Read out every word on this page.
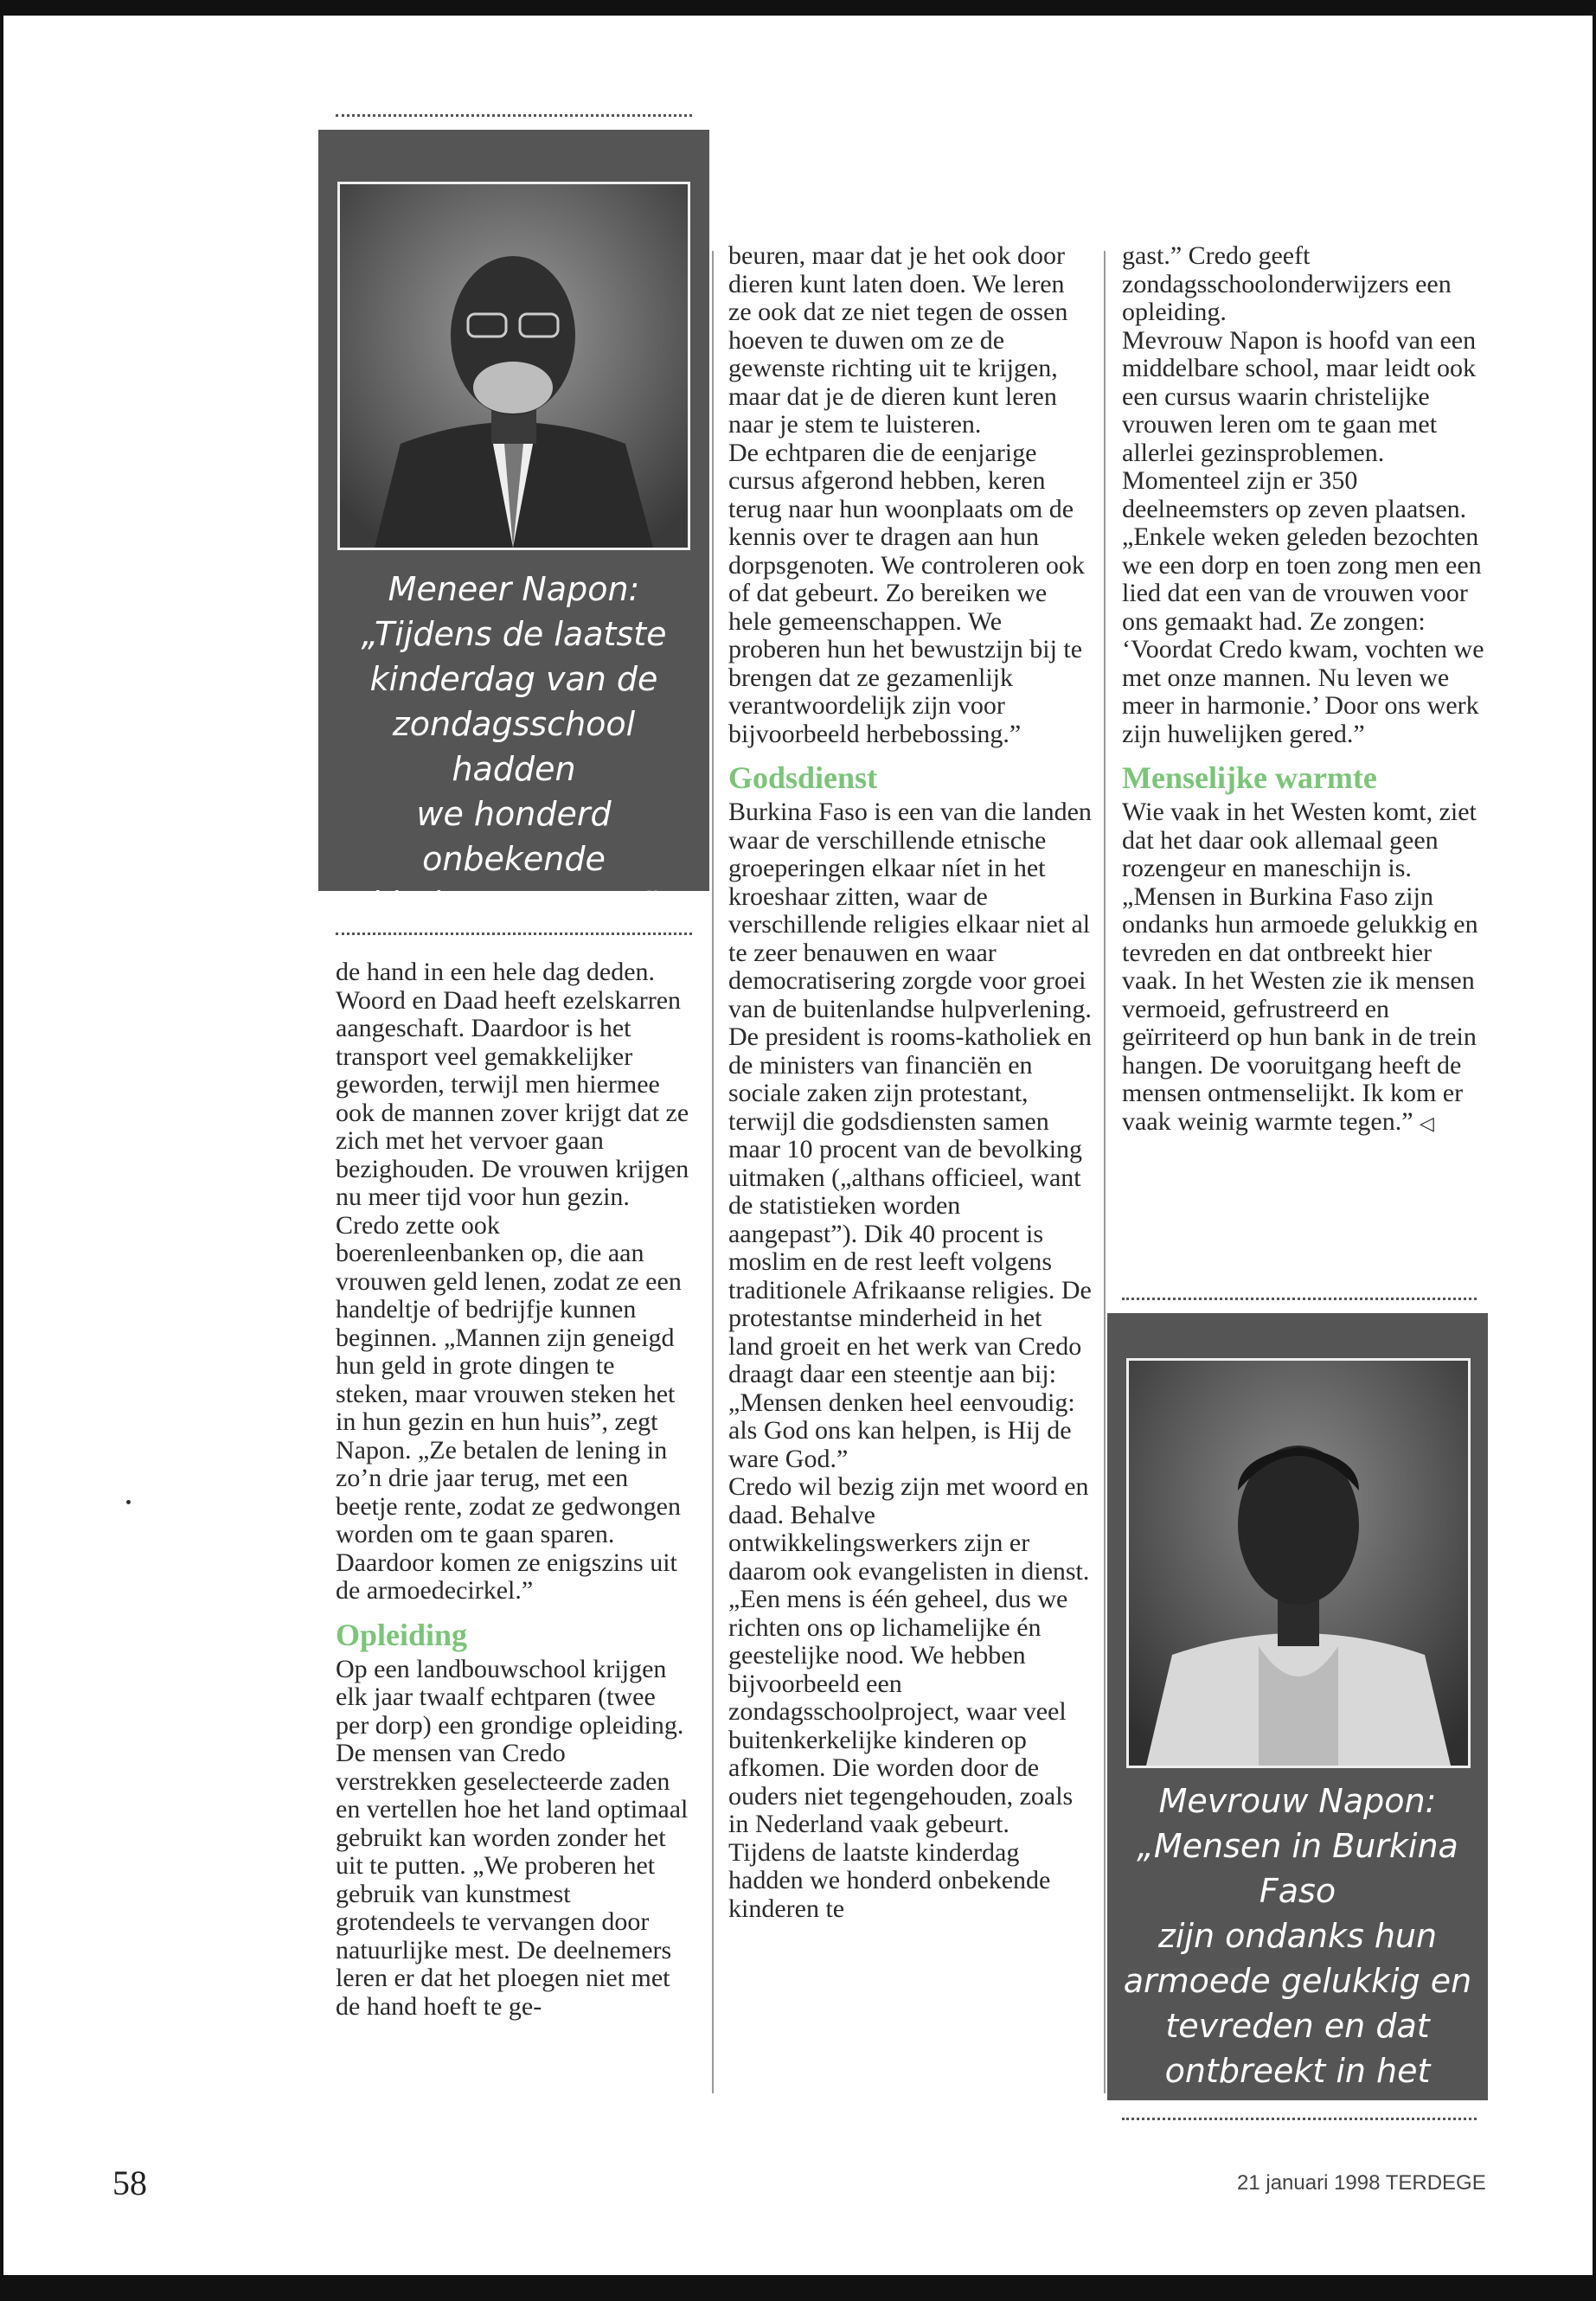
Meneer Napon:
„Tijdens de laatste
kinderdag van de
zondagsschool hadden
we honderd onbekende
kinderen te gast”

de hand in een hele dag deden. Woord en Daad heeft ezelskarren aangeschaft. Daardoor is het transport veel gemakkelijker geworden, terwijl men hiermee ook de mannen zover krijgt dat ze zich met het vervoer gaan bezighouden. De vrouwen krijgen nu meer tijd voor hun gezin.

Credo zette ook boerenleenbanken op, die aan vrouwen geld lenen, zodat ze een handeltje of bedrijfje kunnen beginnen. „Mannen zijn geneigd hun geld in grote dingen te steken, maar vrouwen steken het in hun gezin en hun huis”, zegt Napon. „Ze betalen de lening in zo’n drie jaar terug, met een beetje rente, zodat ze gedwongen worden om te gaan sparen. Daardoor komen ze enigszins uit de armoedecirkel.”

Opleiding

Op een landbouwschool krijgen elk jaar twaalf echtparen (twee per dorp) een grondige opleiding. De mensen van Credo verstrekken geselecteerde zaden en vertellen hoe het land optimaal gebruikt kan worden zonder het uit te putten. „We proberen het gebruik van kunstmest grotendeels te vervangen door natuurlijke mest. De deelnemers leren er dat het ploegen niet met de hand hoeft te ge-

beuren, maar dat je het ook door dieren kunt laten doen. We leren ze ook dat ze niet tegen de ossen hoeven te duwen om ze de gewenste richting uit te krijgen, maar dat je de dieren kunt leren naar je stem te luisteren.

De echtparen die de eenjarige cursus afgerond hebben, keren terug naar hun woonplaats om de kennis over te dragen aan hun dorpsgenoten. We controleren ook of dat gebeurt. Zo bereiken we hele gemeenschappen. We proberen hun het bewustzijn bij te brengen dat ze gezamenlijk verantwoordelijk zijn voor bijvoorbeeld herbebossing.”

Godsdienst

Burkina Faso is een van die landen waar de verschillende etnische groeperingen elkaar níet in het kroeshaar zitten, waar de verschillende religies elkaar niet al te zeer benauwen en waar democratisering zorgde voor groei van de buitenlandse hulpverlening. De president is rooms-katholiek en de ministers van financiën en sociale zaken zijn protestant, terwijl die godsdiensten samen maar 10 procent van de bevolking uitmaken („althans officieel, want de statistieken worden aangepast”). Dik 40 procent is moslim en de rest leeft volgens traditionele Afrikaanse religies. De protestantse minderheid in het land groeit en het werk van Credo draagt daar een steentje aan bij: „Mensen denken heel eenvoudig: als God ons kan helpen, is Hij de ware God.”

Credo wil bezig zijn met woord en daad. Behalve ontwikkelingswerkers zijn er daarom ook evangelisten in dienst. „Een mens is één geheel, dus we richten ons op lichamelijke én geestelijke nood. We hebben bijvoorbeeld een zondagsschoolproject, waar veel buitenkerkelijke kinderen op afkomen. Die worden door de ouders niet tegengehouden, zoals in Nederland vaak gebeurt. Tijdens de laatste kinderdag hadden we honderd onbekende kinderen te

gast.” Credo geeft zondagsschoolonderwijzers een opleiding.

Mevrouw Napon is hoofd van een middelbare school, maar leidt ook een cursus waarin christelijke vrouwen leren om te gaan met allerlei gezinsproblemen. Momenteel zijn er 350 deelneemsters op zeven plaatsen. „Enkele weken geleden bezochten we een dorp en toen zong men een lied dat een van de vrouwen voor ons gemaakt had. Ze zongen: ‘Voordat Credo kwam, vochten we met onze mannen. Nu leven we meer in harmonie.’ Door ons werk zijn huwelijken gered.”

Menselijke warmte

Wie vaak in het Westen komt, ziet dat het daar ook allemaal geen rozengeur en maneschijn is. „Mensen in Burkina Faso zijn ondanks hun armoede gelukkig en tevreden en dat ontbreekt hier vaak. In het Westen zie ik mensen vermoeid, gefrustreerd en geïrriteerd op hun bank in de trein hangen. De vooruitgang heeft de mensen ontmenselijkt. Ik kom er vaak weinig warmte tegen.” ◁

Mevrouw Napon:
„Mensen in Burkina Faso
zijn ondanks hun
armoede gelukkig en
tevreden en dat
ontbreekt in het Westen
vaak”
58	21 januari 1998 TERDEGE
